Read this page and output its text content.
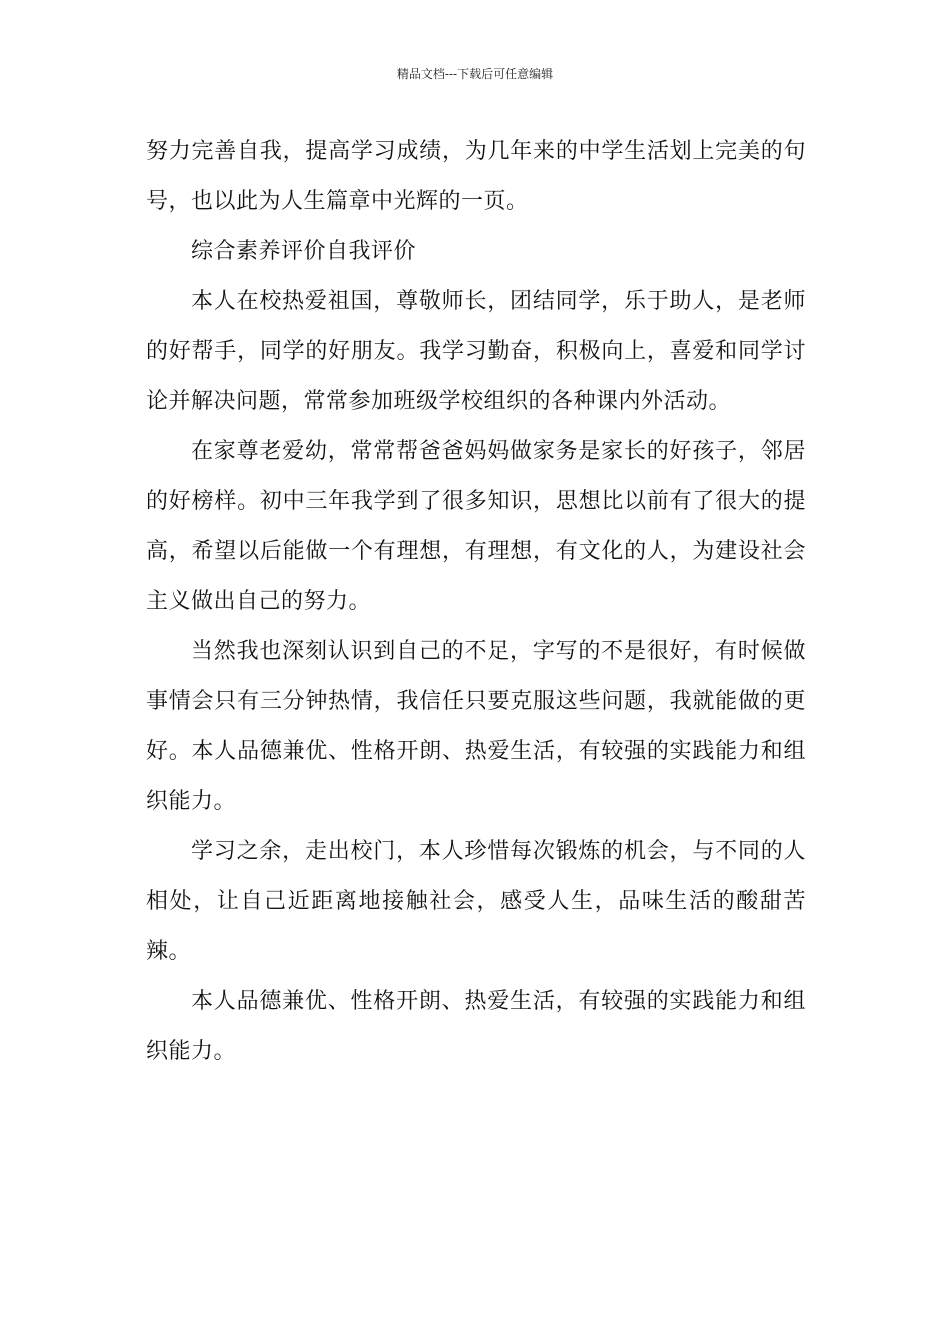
精品文档---下载后可任意编辑

努力完善自我，提高学习成绩，为几年来的中学生活划上完美的句号，也以此为人生篇章中光辉的一页。

综合素养评价自我评价

本人在校热爱祖国，尊敬师长，团结同学，乐于助人，是老师的好帮手，同学的好朋友。我学习勤奋，积极向上，喜爱和同学讨论并解决问题，常常参加班级学校组织的各种课内外活动。

在家尊老爱幼，常常帮爸爸妈妈做家务是家长的好孩子，邻居的好榜样。初中三年我学到了很多知识，思想比以前有了很大的提高，希望以后能做一个有理想，有理想，有文化的人，为建设社会主义做出自己的努力。

当然我也深刻认识到自己的不足，字写的不是很好，有时候做事情会只有三分钟热情，我信任只要克服这些问题，我就能做的更好。本人品德兼优、性格开朗、热爱生活，有较强的实践能力和组织能力。

学习之余，走出校门，本人珍惜每次锻炼的机会，与不同的人相处，让自己近距离地接触社会，感受人生，品味生活的酸甜苦辣。

本人品德兼优、性格开朗、热爱生活，有较强的实践能力和组织能力。
